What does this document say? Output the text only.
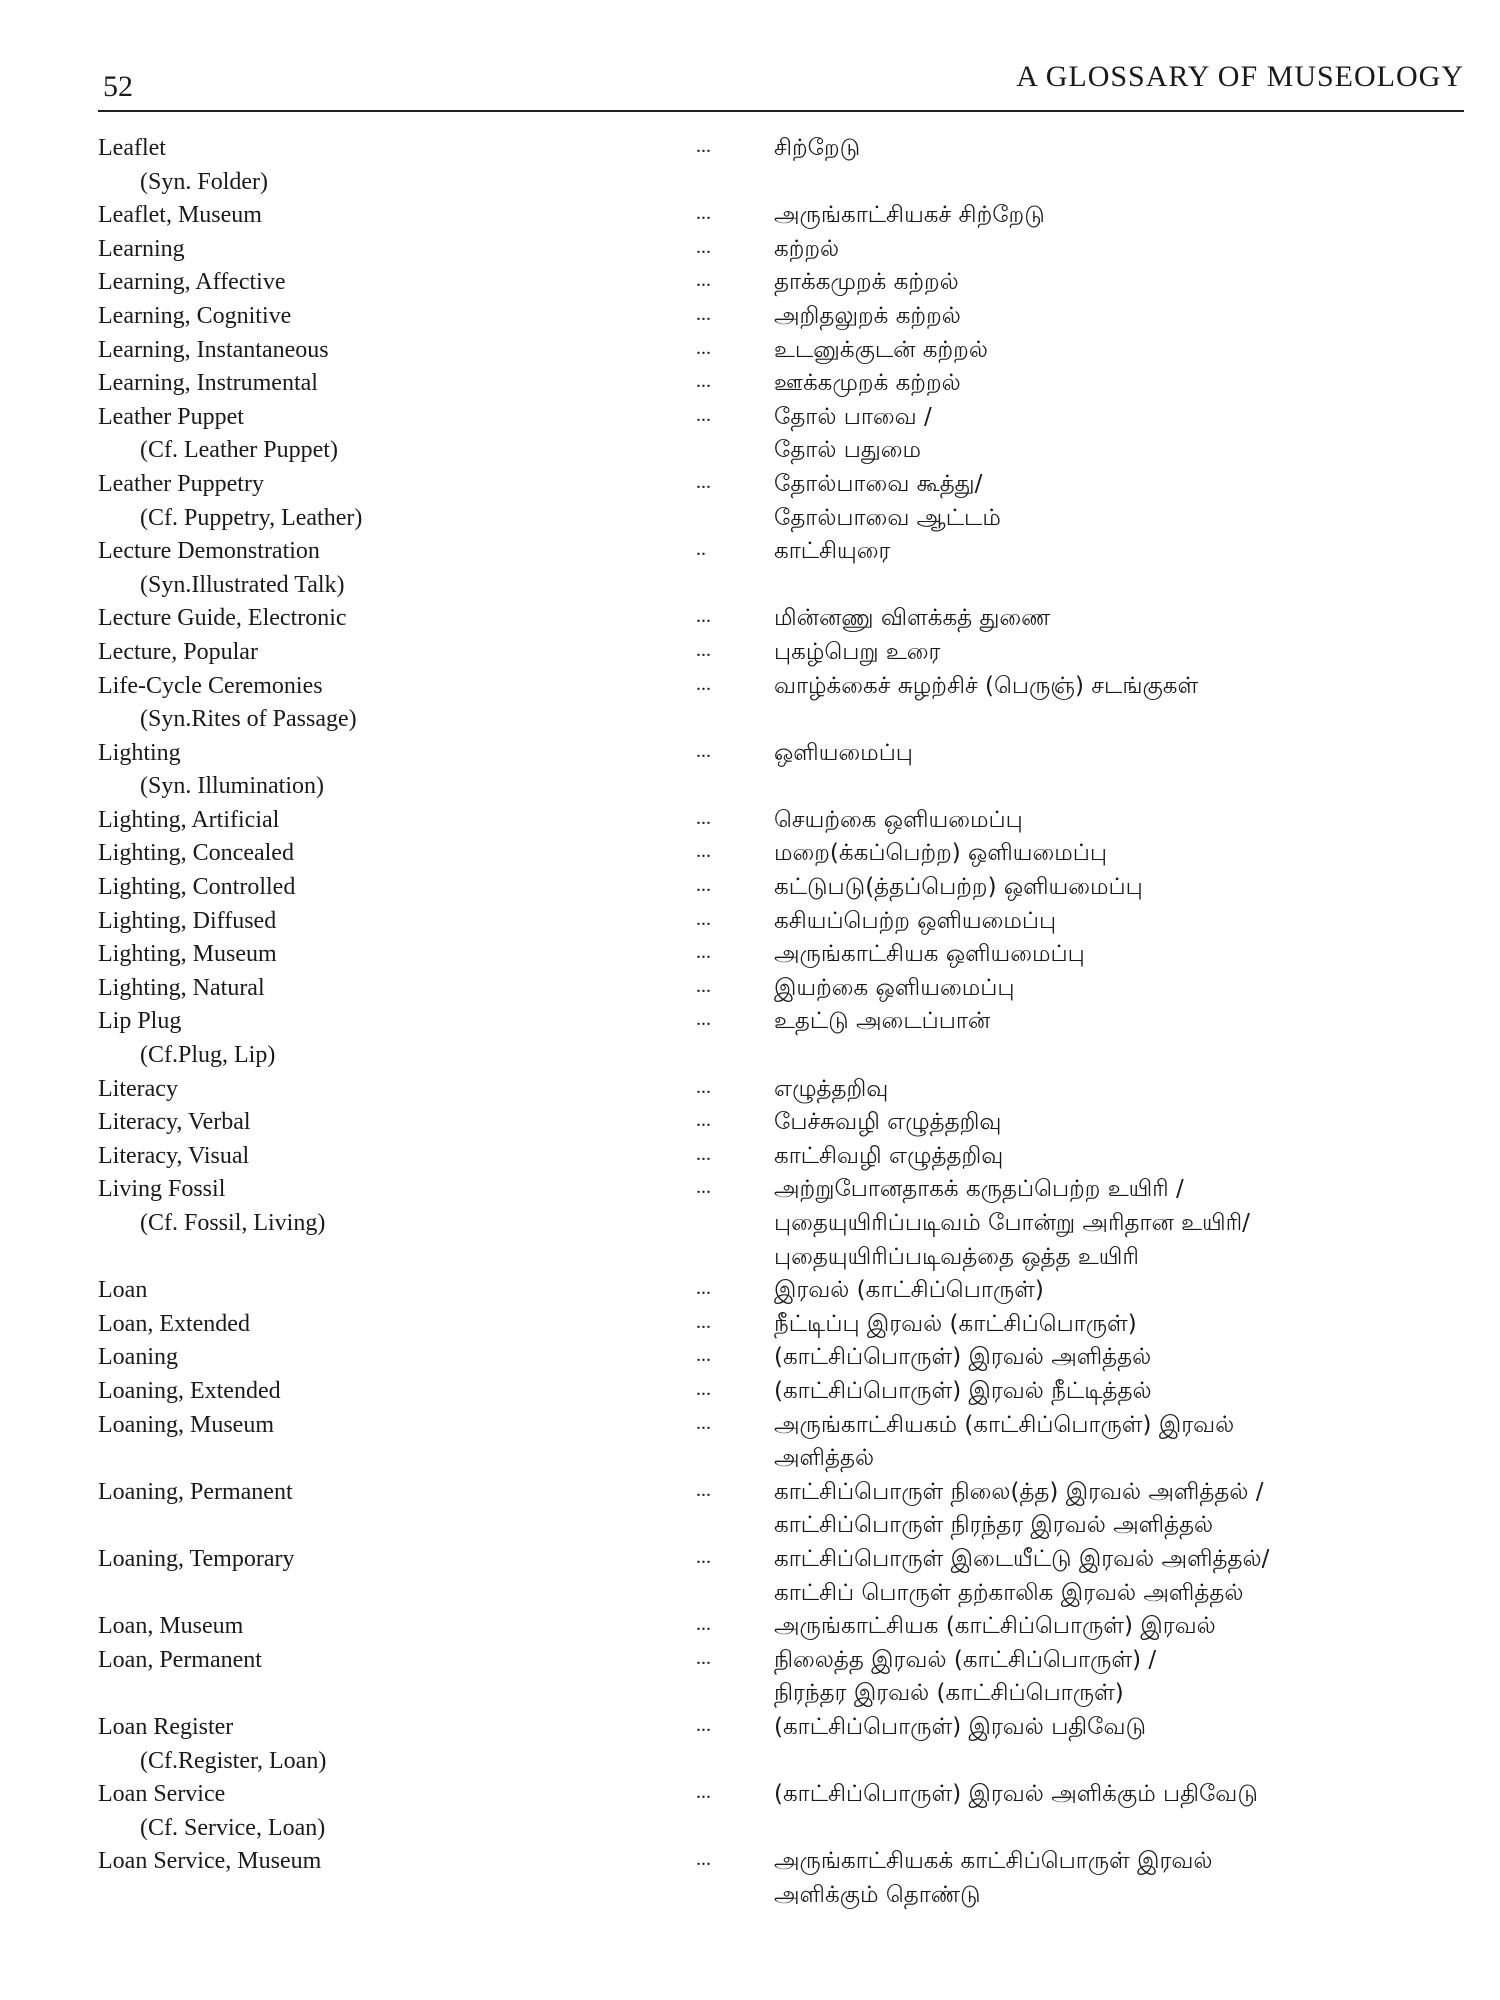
52	A GLOSSARY OF MUSEOLOGY
Leaflet	...	சிற்றேடு
(Syn. Folder)
Leaflet, Museum	...	அருங்காட்சியகச் சிற்றேடு
Learning	...	கற்றல்
Learning, Affective	...	தாக்கமுறக் கற்றல்
Learning, Cognitive	...	அறிதலுறக் கற்றல்
Learning, Instantaneous	...	உடனுக்குடன் கற்றல்
Learning, Instrumental	...	ஊக்கமுறக் கற்றல்
Leather Puppet	...	தோல் பாவை /
(Cf. Leather Puppet)	தோல் பதுமை
Leather Puppetry	...	தோல்பாவை கூத்து/
(Cf. Puppetry, Leather)	தோல்பாவை ஆட்டம்
Lecture Demonstration	..	காட்சியுரை
(Syn.Illustrated Talk)
Lecture Guide, Electronic	...	மின்னணு விளக்கத் துணை
Lecture, Popular	...	புகழ்பெறு உரை
Life-Cycle Ceremonies	...	வாழ்க்கைச் சுழற்சிச் (பெருஞ்) சடங்குகள்
(Syn.Rites of Passage)
Lighting	...	ஒளியமைப்பு
(Syn. Illumination)
Lighting, Artificial	...	செயற்கை ஒளியமைப்பு
Lighting, Concealed	...	மறை(க்கப்பெற்ற) ஒளியமைப்பு
Lighting, Controlled	...	கட்டுபடு(த்தப்பெற்ற) ஒளியமைப்பு
Lighting, Diffused	...	கசியப்பெற்ற ஒளியமைப்பு
Lighting, Museum	...	அருங்காட்சியக ஒளியமைப்பு
Lighting, Natural	...	இயற்கை ஒளியமைப்பு
Lip Plug	...	உதட்டு அடைப்பான்
(Cf.Plug, Lip)
Literacy	...	எழுத்தறிவு
Literacy, Verbal	...	பேச்சுவழி எழுத்தறிவு
Literacy, Visual	...	காட்சிவழி எழுத்தறிவு
Living Fossil	...	அற்றுபோனதாகக் கருதப்பெற்ற உயிரி /
(Cf. Fossil, Living)	புதையுயிரிப்படிவம் போன்று அரிதான உயிரி/
புதையுயிரிப்படிவத்தை ஒத்த உயிரி
Loan	...	இரவல் (காட்சிப்பொருள்)
Loan, Extended	...	நீட்டிப்பு இரவல் (காட்சிப்பொருள்)
Loaning	...	(காட்சிப்பொருள்) இரவல் அளித்தல்
Loaning, Extended	...	(காட்சிப்பொருள்) இரவல் நீட்டித்தல்
Loaning, Museum	...	அருங்காட்சியகம் (காட்சிப்பொருள்) இரவல்
அளித்தல்
Loaning, Permanent	...	காட்சிப்பொருள் நிலை(த்த) இரவல் அளித்தல் /
காட்சிப்பொருள் நிரந்தர இரவல் அளித்தல்
Loaning, Temporary	...	காட்சிப்பொருள் இடையீட்டு இரவல் அளித்தல்/
காட்சிப் பொருள் தற்காலிக இரவல் அளித்தல்
Loan, Museum	...	அருங்காட்சியக (காட்சிப்பொருள்) இரவல்
Loan, Permanent	...	நிலைத்த இரவல் (காட்சிப்பொருள்) /
நிரந்தர இரவல் (காட்சிப்பொருள்)
Loan Register	...	(காட்சிப்பொருள்) இரவல் பதிவேடு
(Cf.Register, Loan)
Loan Service	...	(காட்சிப்பொருள்) இரவல் அளிக்கும் பதிவேடு
(Cf. Service, Loan)
Loan Service, Museum	...	அருங்காட்சியகக் காட்சிப்பொருள் இரவல்
அளிக்கும் தொண்டு
